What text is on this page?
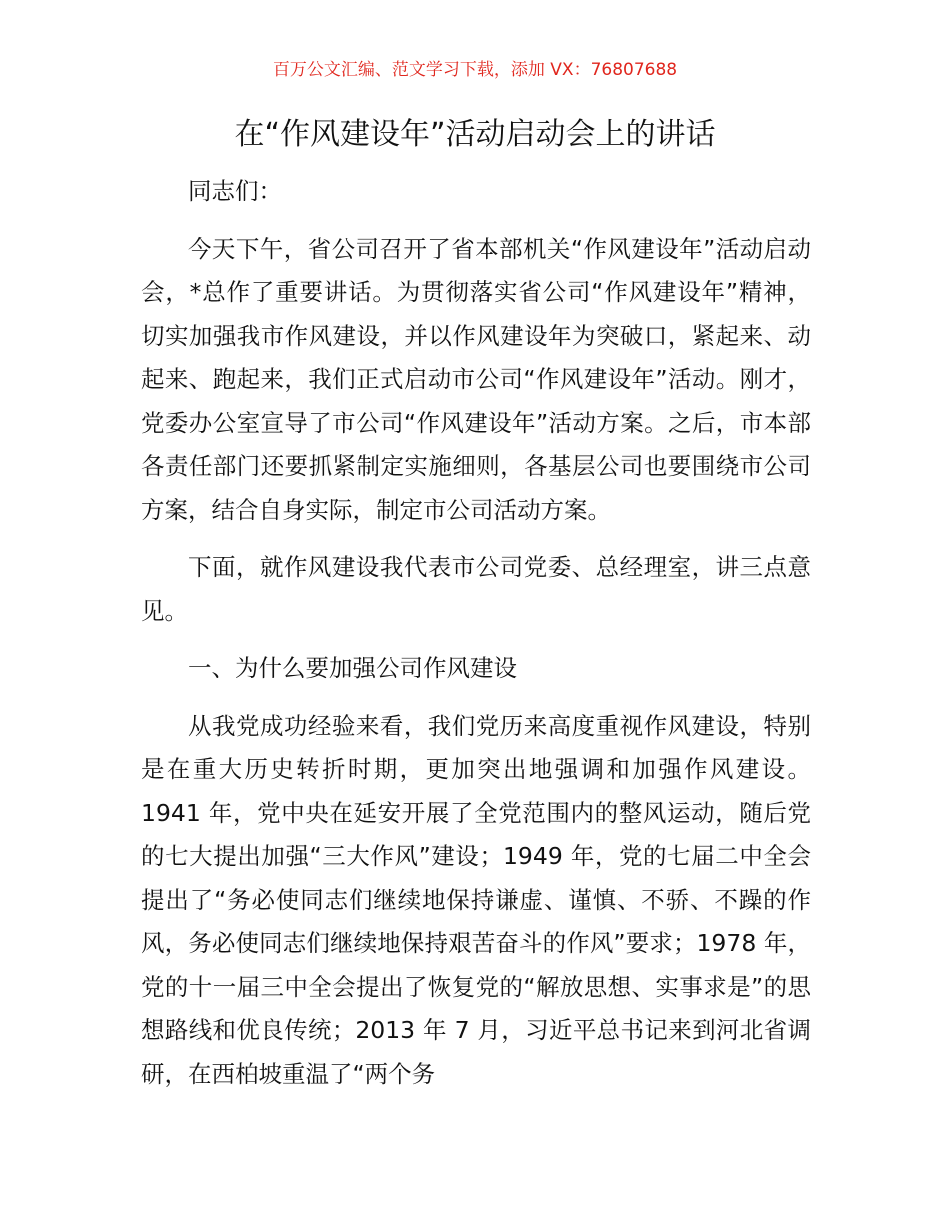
百万公文汇编、范文学习下载，添加 VX：76807688
在“作风建设年”活动启动会上的讲话

同志们：

今天下午，省公司召开了省本部机关“作风建设年”活动启动会，*总作了重要讲话。为贯彻落实省公司“作风建设年”精神，切实加强我市作风建设，并以作风建设年为突破口，紧起来、动起来、跑起来，我们正式启动市公司“作风建设年”活动。刚才，党委办公室宣导了市公司“作风建设年”活动方案。之后，市本部各责任部门还要抓紧制定实施细则，各基层公司也要围绕市公司方案，结合自身实际，制定市公司活动方案。

下面，就作风建设我代表市公司党委、总经理室，讲三点意见。

一、为什么要加强公司作风建设

从我党成功经验来看，我们党历来高度重视作风建设，特别是在重大历史转折时期，更加突出地强调和加强作风建设。1941 年，党中央在延安开展了全党范围内的整风运动，随后党的七大提出加强“三大作风”建设；1949 年，党的七届二中全会提出了“务必使同志们继续地保持谦虚、谨慎、不骄、不躁的作风，务必使同志们继续地保持艰苦奋斗的作风”要求；1978 年，党的十一届三中全会提出了恢复党的“解放思想、实事求是”的思想路线和优良传统；2013 年 7 月，习近平总书记来到河北省调研，在西柏坡重温了“两个务
